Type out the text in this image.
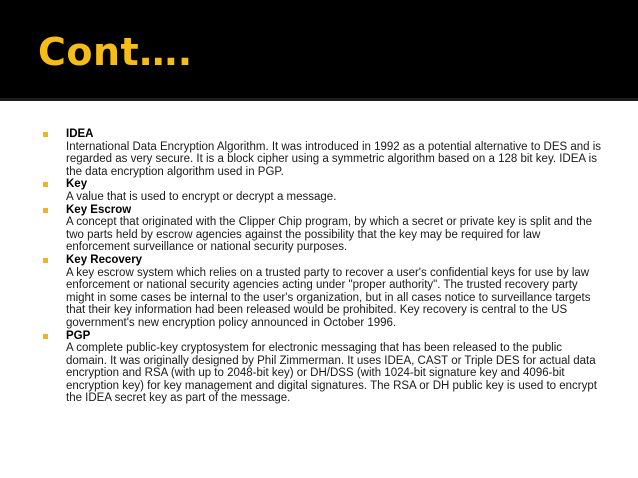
Cont….
IDEA
International Data Encryption Algorithm. It was introduced in 1992 as a potential alternative to DES and is regarded as very secure. It is a block cipher using a symmetric algorithm based on a 128 bit key. IDEA is the data encryption algorithm used in PGP.
Key
A value that is used to encrypt or decrypt a message.
Key Escrow
A concept that originated with the Clipper Chip program, by which a secret or private key is split and the two parts held by escrow agencies against the possibility that the key may be required for law enforcement surveillance or national security purposes.
Key Recovery
A key escrow system which relies on a trusted party to recover a user's confidential keys for use by law enforcement or national security agencies acting under "proper authority". The trusted recovery party might in some cases be internal to the user's organization, but in all cases notice to surveillance targets that their key information had been released would be prohibited. Key recovery is central to the US government's new encryption policy announced in October 1996.
PGP
A complete public-key cryptosystem for electronic messaging that has been released to the public domain. It was originally designed by Phil Zimmerman. It uses IDEA, CAST or Triple DES for actual data encryption and RSA (with up to 2048-bit key) or DH/DSS (with 1024-bit signature key and 4096-bit encryption key) for key management and digital signatures. The RSA or DH public key is used to encrypt the IDEA secret key as part of the message.
